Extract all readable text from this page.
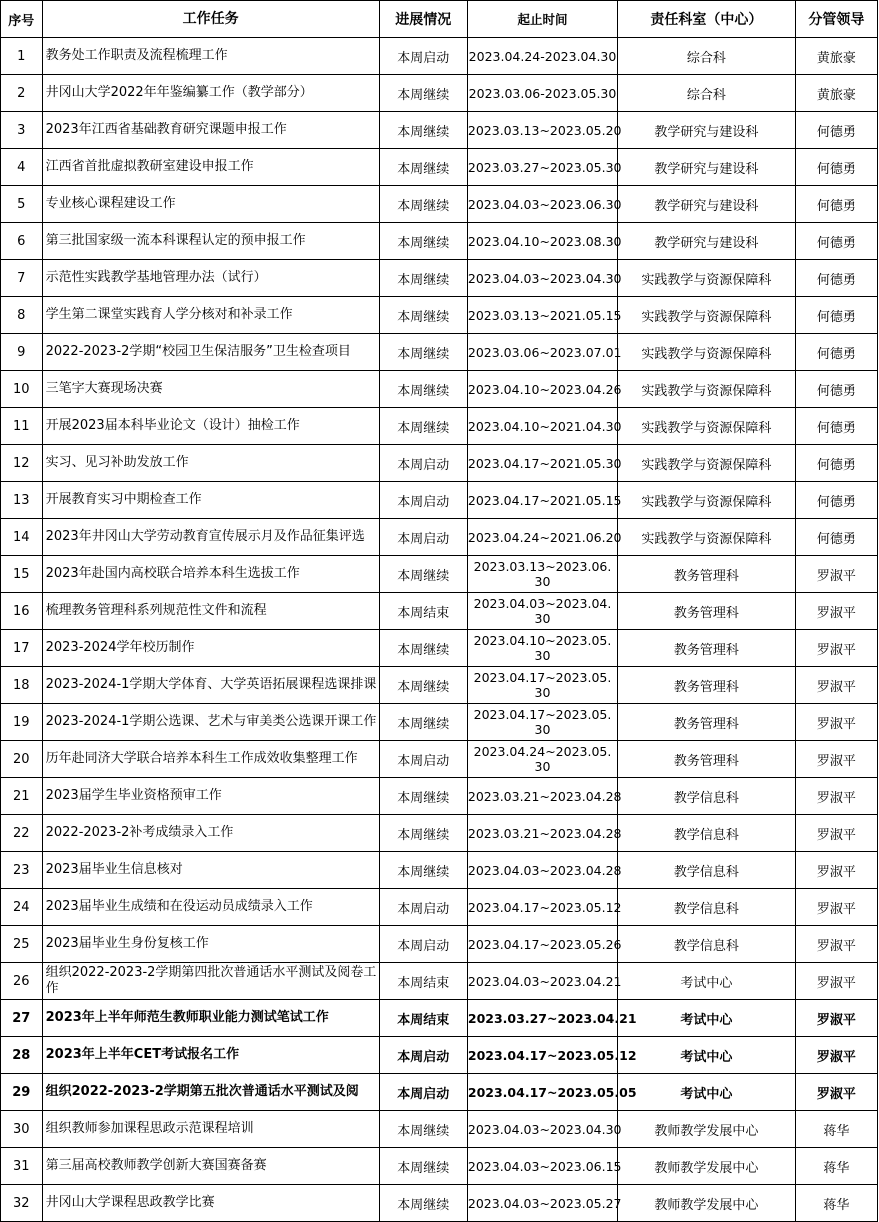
序号	工作任务	进展情况	起止时间	责任科室（中心）	分管领导
1	教务处工作职责及流程梳理工作	本周启动	2023.04.24-2023.04.30	综合科	黄旅豪
2	井冈山大学2022年年鉴编纂工作（教学部分）	本周继续	2023.03.06-2023.05.30	综合科	黄旅豪
3	2023年江西省基础教育研究课题申报工作	本周继续	2023.03.13~2023.05.20	教学研究与建设科	何德勇
4	江西省首批虚拟教研室建设申报工作	本周继续	2023.03.27~2023.05.30	教学研究与建设科	何德勇
5	专业核心课程建设工作	本周继续	2023.04.03~2023.06.30	教学研究与建设科	何德勇
6	第三批国家级一流本科课程认定的预申报工作	本周继续	2023.04.10~2023.08.30	教学研究与建设科	何德勇
7	示范性实践教学基地管理办法（试行）	本周继续	2023.04.03~2023.04.30	实践教学与资源保障科	何德勇
8	学生第二课堂实践育人学分核对和补录工作	本周继续	2023.03.13~2021.05.15	实践教学与资源保障科	何德勇
9	2022-2023-2学期“校园卫生保洁服务”卫生检查项目	本周继续	2023.03.06~2023.07.01	实践教学与资源保障科	何德勇
10	三笔字大赛现场决赛	本周继续	2023.04.10~2023.04.26	实践教学与资源保障科	何德勇
11	开展2023届本科毕业论文（设计）抽检工作	本周继续	2023.04.10~2021.04.30	实践教学与资源保障科	何德勇
12	实习、见习补助发放工作	本周启动	2023.04.17~2021.05.30	实践教学与资源保障科	何德勇
13	开展教育实习中期检查工作	本周启动	2023.04.17~2021.05.15	实践教学与资源保障科	何德勇
14	2023年井冈山大学劳动教育宣传展示月及作品征集评选	本周启动	2023.04.24~2021.06.20	实践教学与资源保障科	何德勇
15	2023年赴国内高校联合培养本科生选拔工作	本周继续	2023.03.13~2023.06. 30	教务管理科	罗淑平
16	梳理教务管理科系列规范性文件和流程	本周结束	2023.04.03~2023.04. 30	教务管理科	罗淑平
17	2023-2024学年校历制作	本周继续	2023.04.10~2023.05. 30	教务管理科	罗淑平
18	2023-2024-1学期大学体育、大学英语拓展课程选课排课	本周继续	2023.04.17~2023.05. 30	教务管理科	罗淑平
19	2023-2024-1学期公选课、艺术与审美类公选课开课工作	本周继续	2023.04.17~2023.05. 30	教务管理科	罗淑平
20	历年赴同济大学联合培养本科生工作成效收集整理工作	本周启动	2023.04.24~2023.05. 30	教务管理科	罗淑平
21	2023届学生毕业资格预审工作	本周继续	2023.03.21~2023.04.28	教学信息科	罗淑平
22	2022-2023-2补考成绩录入工作	本周继续	2023.03.21~2023.04.28	教学信息科	罗淑平
23	2023届毕业生信息核对	本周继续	2023.04.03~2023.04.28	教学信息科	罗淑平
24	2023届毕业生成绩和在役运动员成绩录入工作	本周启动	2023.04.17~2023.05.12	教学信息科	罗淑平
25	2023届毕业生身份复核工作	本周启动	2023.04.17~2023.05.26	教学信息科	罗淑平
26	组织2022-2023-2学期第四批次普通话水平测试及阅卷工作	本周结束	2023.04.03~2023.04.21	考试中心	罗淑平
27	2023年上半年师范生教师职业能力测试笔试工作	本周结束	2023.03.27~2023.04.21	考试中心	罗淑平
28	2023年上半年CET考试报名工作	本周启动	2023.04.17~2023.05.12	考试中心	罗淑平
29	组织2022-2023-2学期第五批次普通话水平测试及阅	本周启动	2023.04.17~2023.05.05	考试中心	罗淑平
30	组织教师参加课程思政示范课程培训	本周继续	2023.04.03~2023.04.30	教师教学发展中心	蒋华
31	第三届高校教师教学创新大赛国赛备赛	本周继续	2023.04.03~2023.06.15	教师教学发展中心	蒋华
32	井冈山大学课程思政教学比赛	本周继续	2023.04.03~2023.05.27	教师教学发展中心	蒋华
